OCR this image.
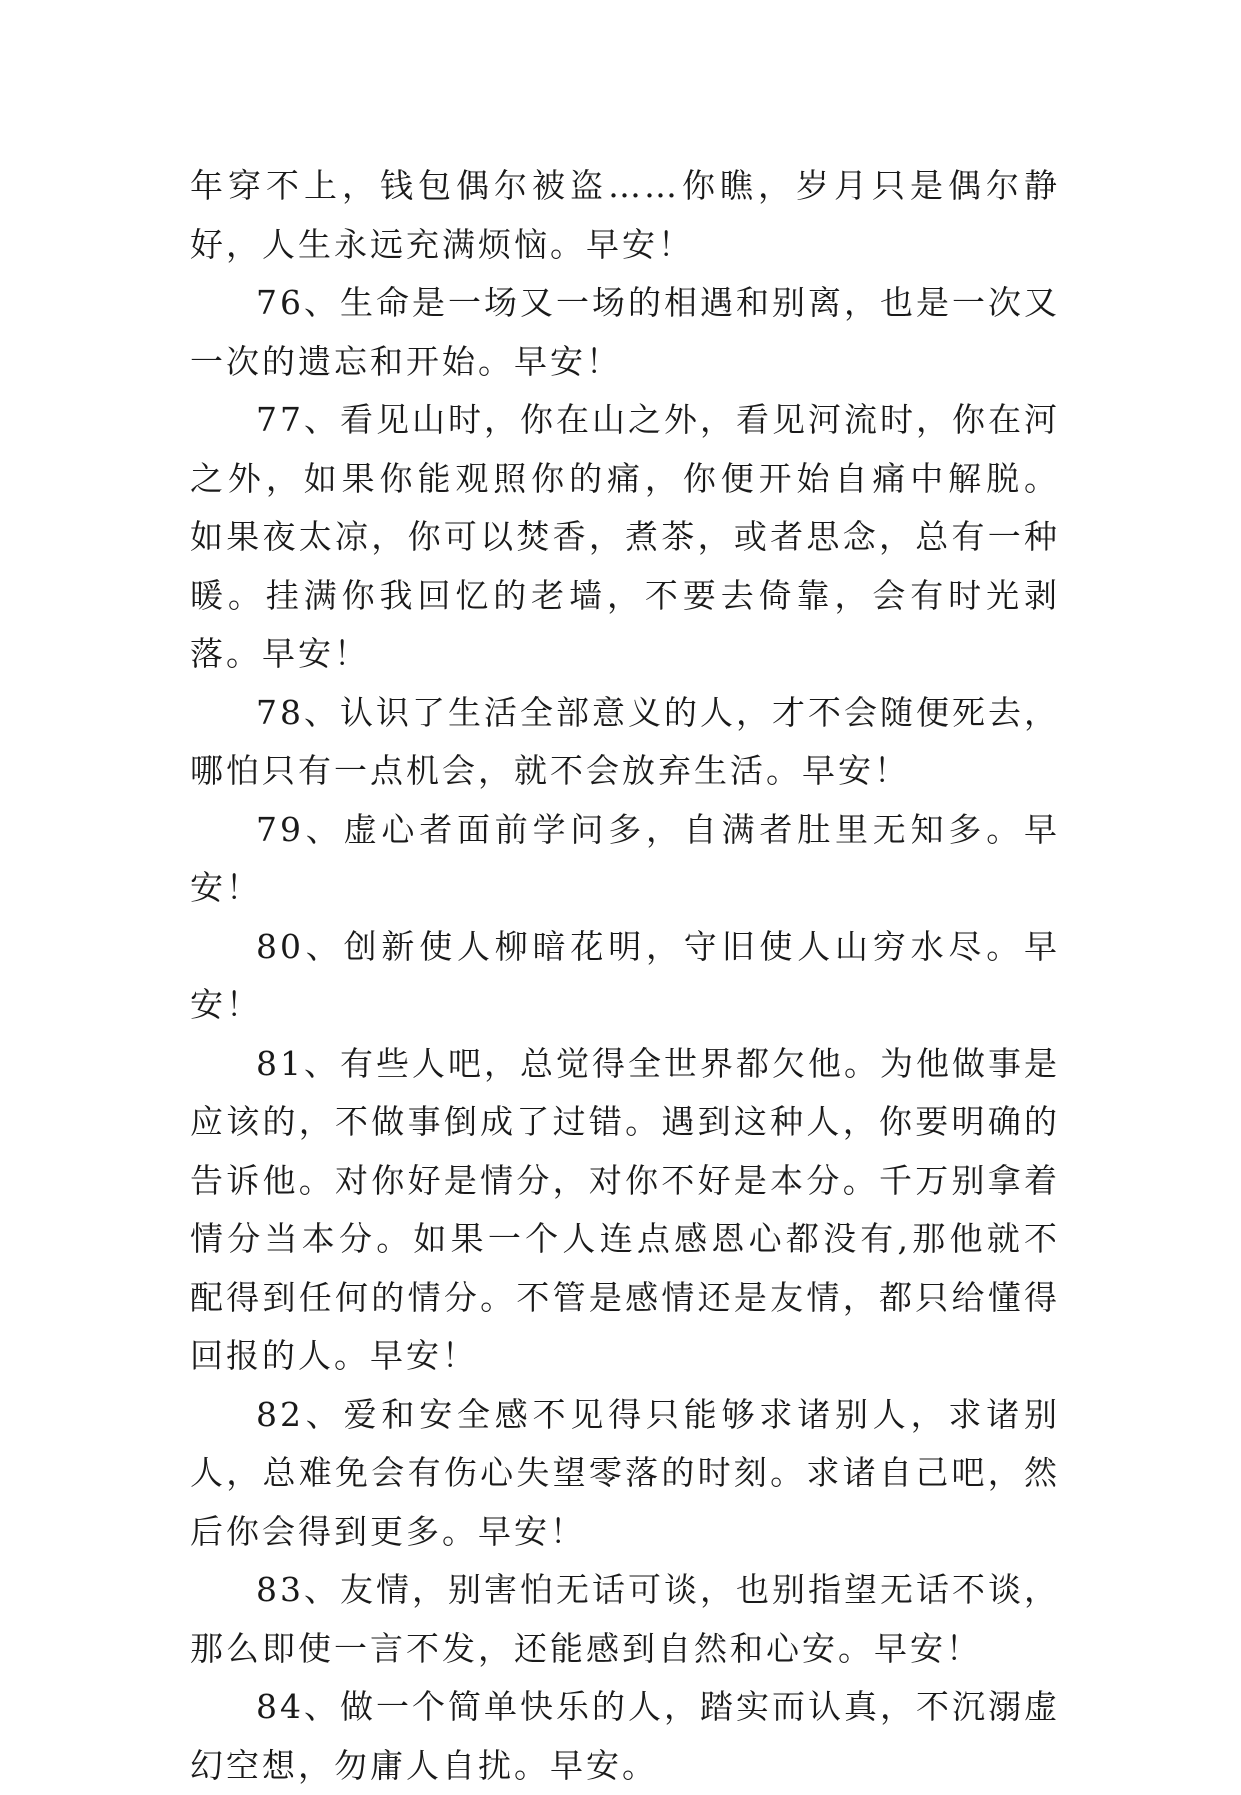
年穿不上，钱包偶尔被盗……你瞧，岁月只是偶尔静好，人生永远充满烦恼。早安！

76、生命是一场又一场的相遇和别离，也是一次又一次的遗忘和开始。早安！

77、看见山时，你在山之外，看见河流时，你在河之外，如果你能观照你的痛，你便开始自痛中解脱。 如果夜太凉，你可以焚香，煮茶，或者思念，总有一种暖。挂满你我回忆的老墙，不要去倚靠，会有时光剥落。早安！

78、认识了生活全部意义的人，才不会随便死去，哪怕只有一点机会，就不会放弃生活。早安！

79、虚心者面前学问多，自满者肚里无知多。早安！

80、创新使人柳暗花明，守旧使人山穷水尽。早安！

81、有些人吧，总觉得全世界都欠他。为他做事是应该的，不做事倒成了过错。遇到这种人，你要明确的告诉他。对你好是情分，对你不好是本分。千万别拿着情分当本分。如果一个人连点感恩心都没有,那他就不配得到任何的情分。不管是感情还是友情，都只给懂得回报的人。早安！

82、爱和安全感不见得只能够求诸别人，求诸别人，总难免会有伤心失望零落的时刻。求诸自己吧，然后你会得到更多。早安！

83、友情，别害怕无话可谈，也别指望无话不谈，那么即使一言不发，还能感到自然和心安。早安！

84、做一个简单快乐的人，踏实而认真，不沉溺虚幻空想，勿庸人自扰。早安。
